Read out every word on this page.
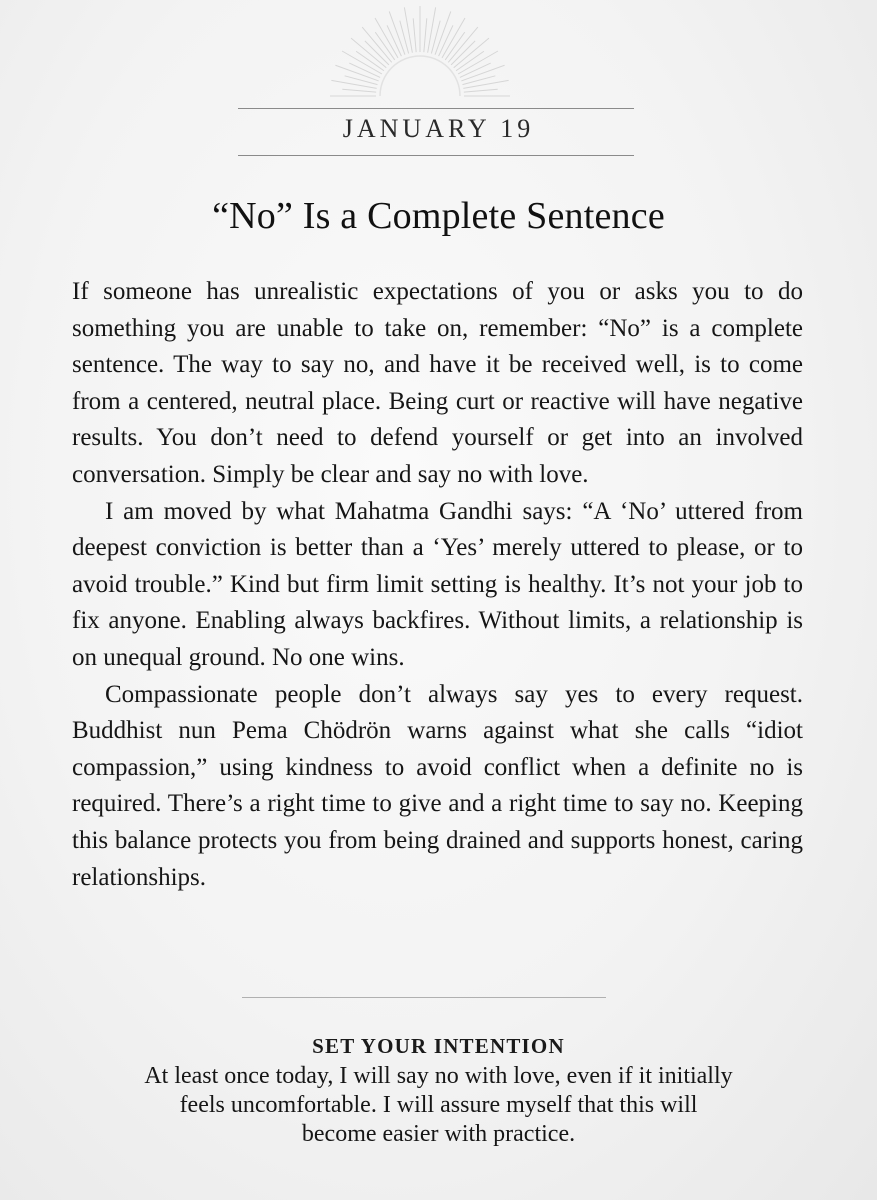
JANUARY 19
“No” Is a Complete Sentence

If someone has unrealistic expectations of you or asks you to do something you are unable to take on, remember: “No” is a complete sentence. The way to say no, and have it be received well, is to come from a centered, neutral place. Being curt or reactive will have negative results. You don’t need to defend yourself or get into an involved conversation. Simply be clear and say no with love.

I am moved by what Mahatma Gandhi says: “A ‘No’ uttered from deepest conviction is better than a ‘Yes’ merely uttered to please, or to avoid trouble.” Kind but firm limit setting is healthy. It’s not your job to fix anyone. Enabling always backfires. Without limits, a relationship is on unequal ground. No one wins.

Compassionate people don’t always say yes to every request. Buddhist nun Pema Chödrön warns against what she calls “idiot compassion,” using kindness to avoid conflict when a definite no is required. There’s a right time to give and a right time to say no. Keeping this balance protects you from being drained and supports honest, caring relationships.

SET YOUR INTENTION
At least once today, I will say no with love, even if it initially feels uncomfortable. I will assure myself that this will become easier with practice.
